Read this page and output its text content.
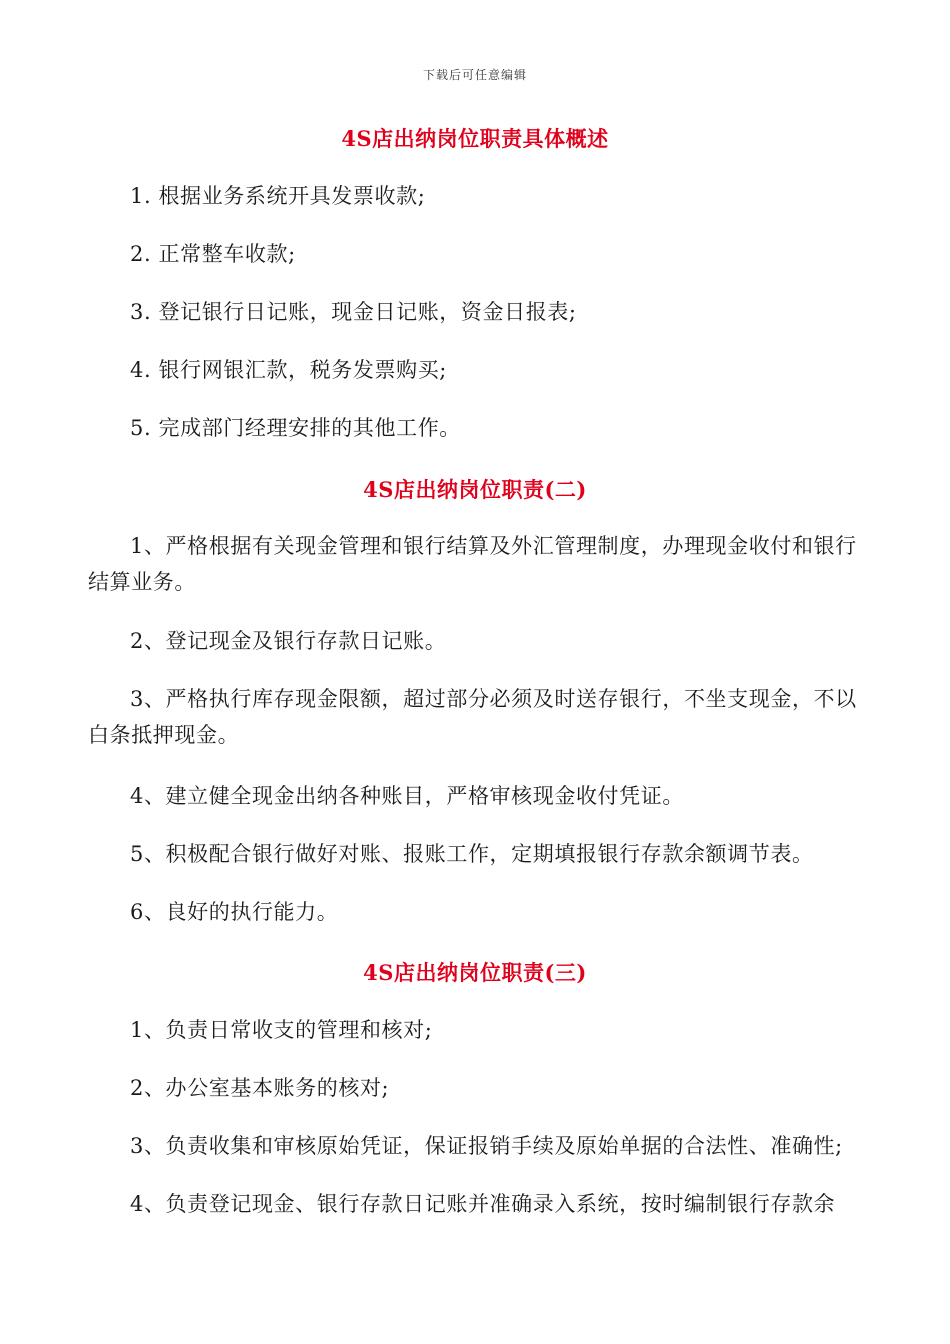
下载后可任意编辑
4S店出纳岗位职责具体概述
1. 根据业务系统开具发票收款;
2. 正常整车收款;
3. 登记银行日记账，现金日记账，资金日报表;
4. 银行网银汇款，税务发票购买;
5. 完成部门经理安排的其他工作。
4S店出纳岗位职责(二)
1、严格根据有关现金管理和银行结算及外汇管理制度，办理现金收付和银行结算业务。
2、登记现金及银行存款日记账。
3、严格执行库存现金限额，超过部分必须及时送存银行，不坐支现金，不以白条抵押现金。
4、建立健全现金出纳各种账目，严格审核现金收付凭证。
5、积极配合银行做好对账、报账工作，定期填报银行存款余额调节表。
6、良好的执行能力。
4S店出纳岗位职责(三)
1、负责日常收支的管理和核对;
2、办公室基本账务的核对;
3、负责收集和审核原始凭证，保证报销手续及原始单据的合法性、准确性;
4、负责登记现金、银行存款日记账并准确录入系统，按时编制银行存款余
